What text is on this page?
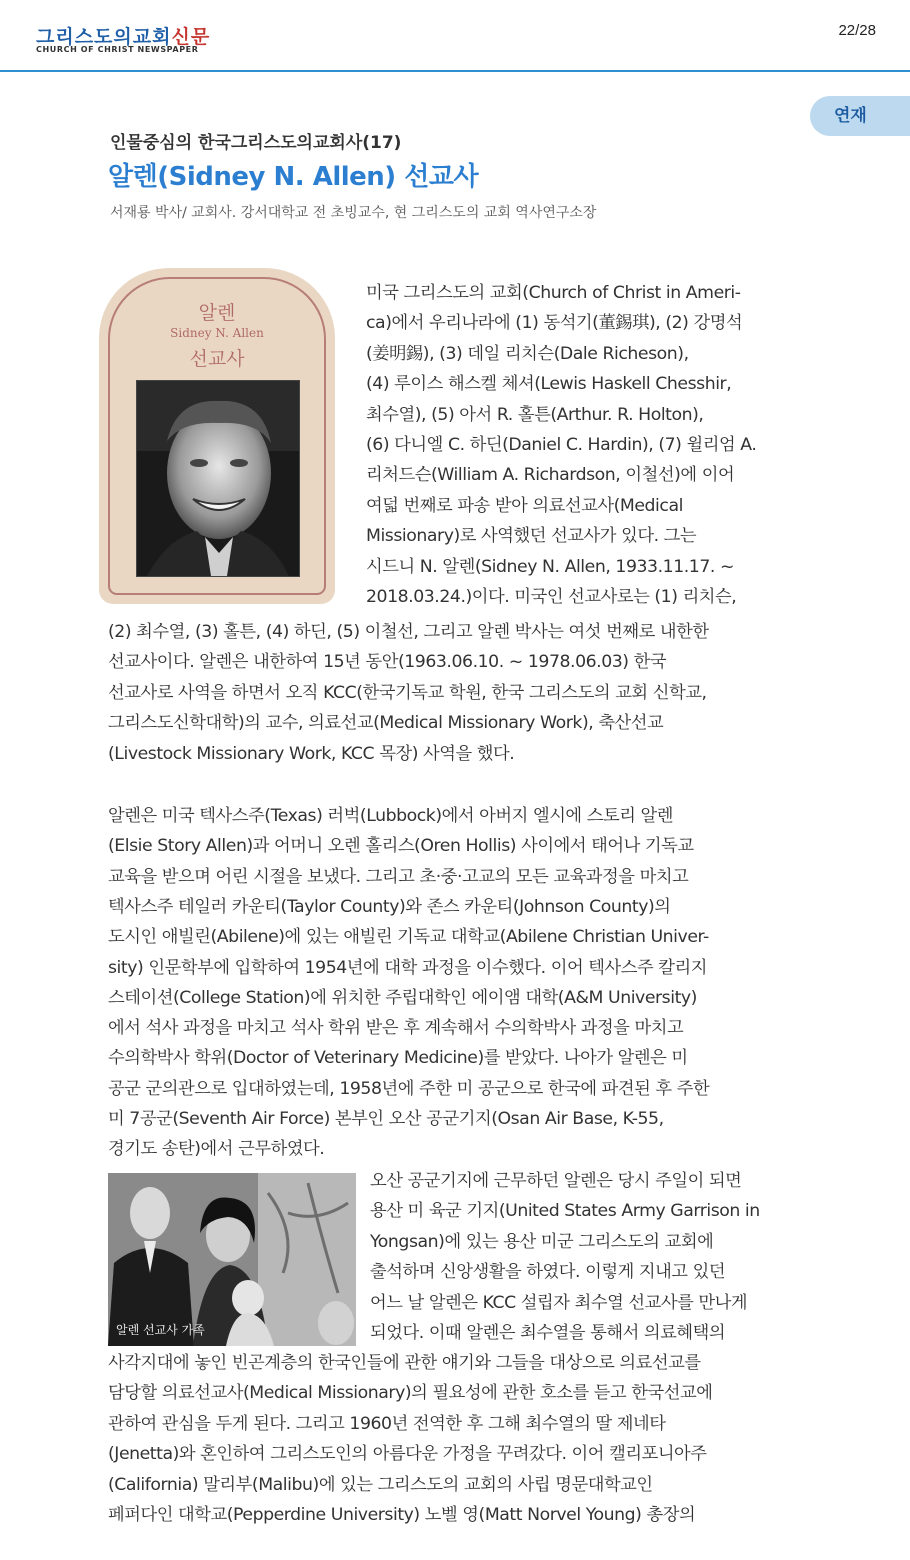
그리스도의교회신문
CHURCH OF CHRIST NEWSPAPER
22/28
연재
인물중심의 한국그리스도의교회사(17)
알렌(Sidney N. Allen) 선교사
서재룡 박사/ 교회사. 강서대학교 전 초빙교수, 현 그리스도의 교회 역사연구소장
알렌
Sidney N. Allen
선교사
알렌 선교사 가족
미국 그리스도의 교회(Church of Christ in Ameri-
ca)에서 우리나라에 (1) 동석기(董錫琪), (2) 강명석
(姜明錫), (3) 데일 리치슨(Dale Richeson),
(4) 루이스 해스켈 체셔(Lewis Haskell Chesshir,
최수열), (5) 아서 R. 홀튼(Arthur. R. Holton),
(6) 다니엘 C. 하딘(Daniel C. Hardin), (7) 윌리엄 A.
리처드슨(William A. Richardson, 이철선)에 이어
여덟 번째로 파송 받아 의료선교사(Medical
Missionary)로 사역했던 선교사가 있다. 그는
시드니 N. 알렌(Sidney N. Allen, 1933.11.17. ~
2018.03.24.)이다. 미국인 선교사로는 (1) 리치슨,
(2) 최수열, (3) 홀튼, (4) 하딘, (5) 이철선, 그리고 알렌 박사는 여섯 번째로 내한한
선교사이다. 알렌은 내한하여 15년 동안(1963.06.10. ~ 1978.06.03) 한국
선교사로 사역을 하면서 오직 KCC(한국기독교 학원, 한국 그리스도의 교회 신학교,
그리스도신학대학)의 교수, 의료선교(Medical Missionary Work), 축산선교
(Livestock Missionary Work, KCC 목장) 사역을 했다.
알렌은 미국 텍사스주(Texas) 러벅(Lubbock)에서 아버지 엘시에 스토리 알렌
(Elsie Story Allen)과 어머니 오렌 홀리스(Oren Hollis) 사이에서 태어나 기독교
교육을 받으며 어린 시절을 보냈다. 그리고 초·중·고교의 모든 교육과정을 마치고
텍사스주 테일러 카운티(Taylor County)와 존스 카운티(Johnson County)의
도시인 애빌린(Abilene)에 있는 애빌린 기독교 대학교(Abilene Christian Univer-
sity) 인문학부에 입학하여 1954년에 대학 과정을 이수했다. 이어 텍사스주 칼리지
스테이션(College Station)에 위치한 주립대학인 에이앰 대학(A&M University)
에서 석사 과정을 마치고 석사 학위 받은 후 계속해서 수의학박사 과정을 마치고
수의학박사 학위(Doctor of Veterinary Medicine)를 받았다. 나아가 알렌은 미
공군 군의관으로 입대하였는데, 1958년에 주한 미 공군으로 한국에 파견된 후 주한
미 7공군(Seventh Air Force) 본부인 오산 공군기지(Osan Air Base, K-55,
경기도 송탄)에서 근무하였다.
오산 공군기지에 근무하던 알렌은 당시 주일이 되면
용산 미 육군 기지(United States Army Garrison in
Yongsan)에 있는 용산 미군 그리스도의 교회에
출석하며 신앙생활을 하였다. 이렇게 지내고 있던
어느 날 알렌은 KCC 설립자 최수열 선교사를 만나게
되었다. 이때 알렌은 최수열을 통해서 의료혜택의
사각지대에 놓인 빈곤계층의 한국인들에 관한 얘기와 그들을 대상으로 의료선교를
담당할 의료선교사(Medical Missionary)의 필요성에 관한 호소를 듣고 한국선교에
관하여 관심을 두게 된다. 그리고 1960년 전역한 후 그해 최수열의 딸 제네타
(Jenetta)와 혼인하여 그리스도인의 아름다운 가정을 꾸려갔다. 이어 캘리포니아주
(California) 말리부(Malibu)에 있는 그리스도의 교회의 사립 명문대학교인
페퍼다인 대학교(Pepperdine University) 노벨 영(Matt Norvel Young) 총장의
